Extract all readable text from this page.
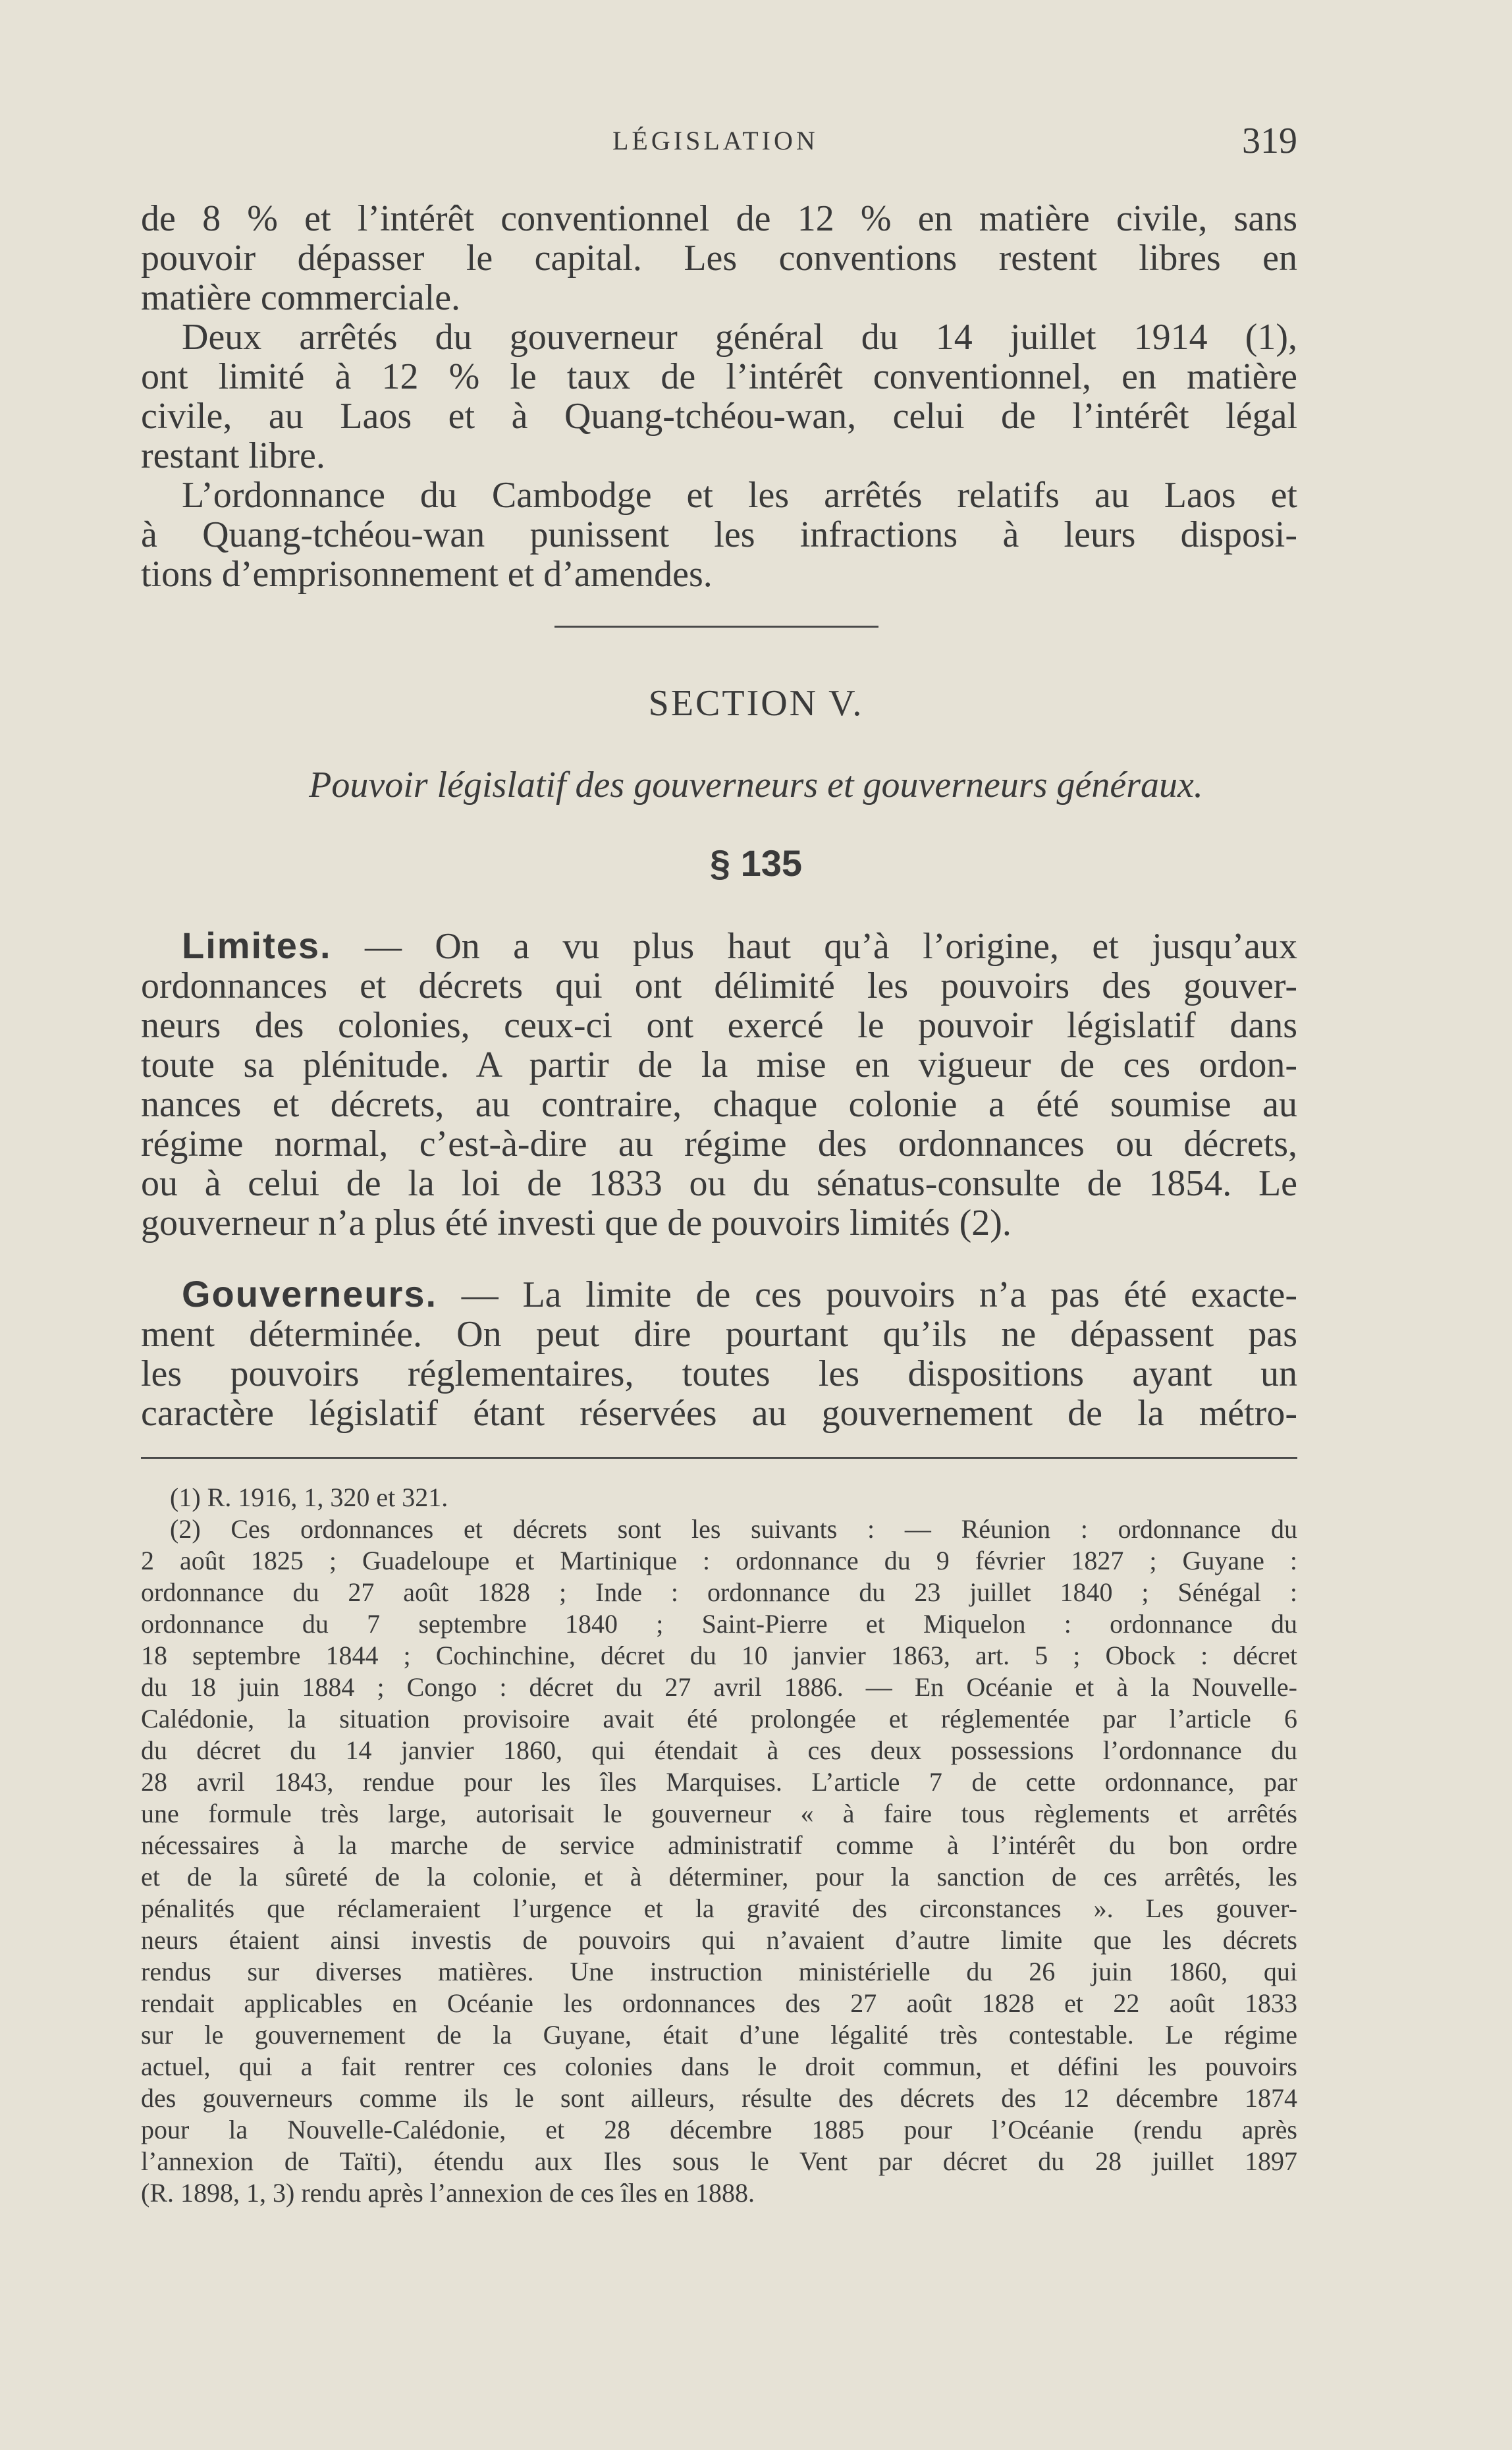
LÉGISLATION	319

de 8 % et l’intérêt conventionnel de 12 % en matière civile, sans

pouvoir dépasser le capital. Les conventions restent libres en

matière commerciale.

Deux arrêtés du gouverneur général du 14 juillet 1914 (1),

ont limité à 12 % le taux de l’intérêt conventionnel, en matière

civile, au Laos et à Quang-tchéou-wan, celui de l’intérêt légal

restant libre.

L’ordonnance du Cambodge et les arrêtés relatifs au Laos et

à Quang-tchéou-wan punissent les infractions à leurs disposi-

tions d’emprisonnement et d’amendes.

SECTION V.
Pouvoir législatif des gouverneurs et gouverneurs généraux.
§ 135

Limites. — On a vu plus haut qu’à l’origine, et jusqu’aux

ordonnances et décrets qui ont délimité les pouvoirs des gouver-

neurs des colonies, ceux-ci ont exercé le pouvoir législatif dans

toute sa plénitude. A partir de la mise en vigueur de ces ordon-

nances et décrets, au contraire, chaque colonie a été soumise au

régime normal, c’est-à-dire au régime des ordonnances ou décrets,

ou à celui de la loi de 1833 ou du sénatus-consulte de 1854. Le

gouverneur n’a plus été investi que de pouvoirs limités (2).

Gouverneurs. — La limite de ces pouvoirs n’a pas été exacte-

ment déterminée. On peut dire pourtant qu’ils ne dépassent pas

les pouvoirs réglementaires, toutes les dispositions ayant un

caractère législatif étant réservées au gouvernement de la métro-

(1) R. 1916, 1, 320 et 321.

(2) Ces ordonnances et décrets sont les suivants : — Réunion : ordonnance du

2 août 1825 ; Guadeloupe et Martinique : ordonnance du 9 février 1827 ; Guyane :

ordonnance du 27 août 1828 ; Inde : ordonnance du 23 juillet 1840 ; Sénégal :

ordonnance du 7 septembre 1840 ; Saint-Pierre et Miquelon : ordonnance du

18 septembre 1844 ; Cochinchine, décret du 10 janvier 1863, art. 5 ; Obock : décret

du 18 juin 1884 ; Congo : décret du 27 avril 1886. — En Océanie et à la Nouvelle-

Calédonie, la situation provisoire avait été prolongée et réglementée par l’article 6

du décret du 14 janvier 1860, qui étendait à ces deux possessions l’ordonnance du

28 avril 1843, rendue pour les îles Marquises. L’article 7 de cette ordonnance, par

une formule très large, autorisait le gouverneur « à faire tous règlements et arrêtés

nécessaires à la marche de service administratif comme à l’intérêt du bon ordre

et de la sûreté de la colonie, et à déterminer, pour la sanction de ces arrêtés, les

pénalités que réclameraient l’urgence et la gravité des circonstances ». Les gouver-

neurs étaient ainsi investis de pouvoirs qui n’avaient d’autre limite que les décrets

rendus sur diverses matières. Une instruction ministérielle du 26 juin 1860, qui

rendait applicables en Océanie les ordonnances des 27 août 1828 et 22 août 1833

sur le gouvernement de la Guyane, était d’une légalité très contestable. Le régime

actuel, qui a fait rentrer ces colonies dans le droit commun, et défini les pouvoirs

des gouverneurs comme ils le sont ailleurs, résulte des décrets des 12 décembre 1874

pour la Nouvelle-Calédonie, et 28 décembre 1885 pour l’Océanie (rendu après

l’annexion de Taïti), étendu aux Iles sous le Vent par décret du 28 juillet 1897

(R. 1898, 1, 3) rendu après l’annexion de ces îles en 1888.
